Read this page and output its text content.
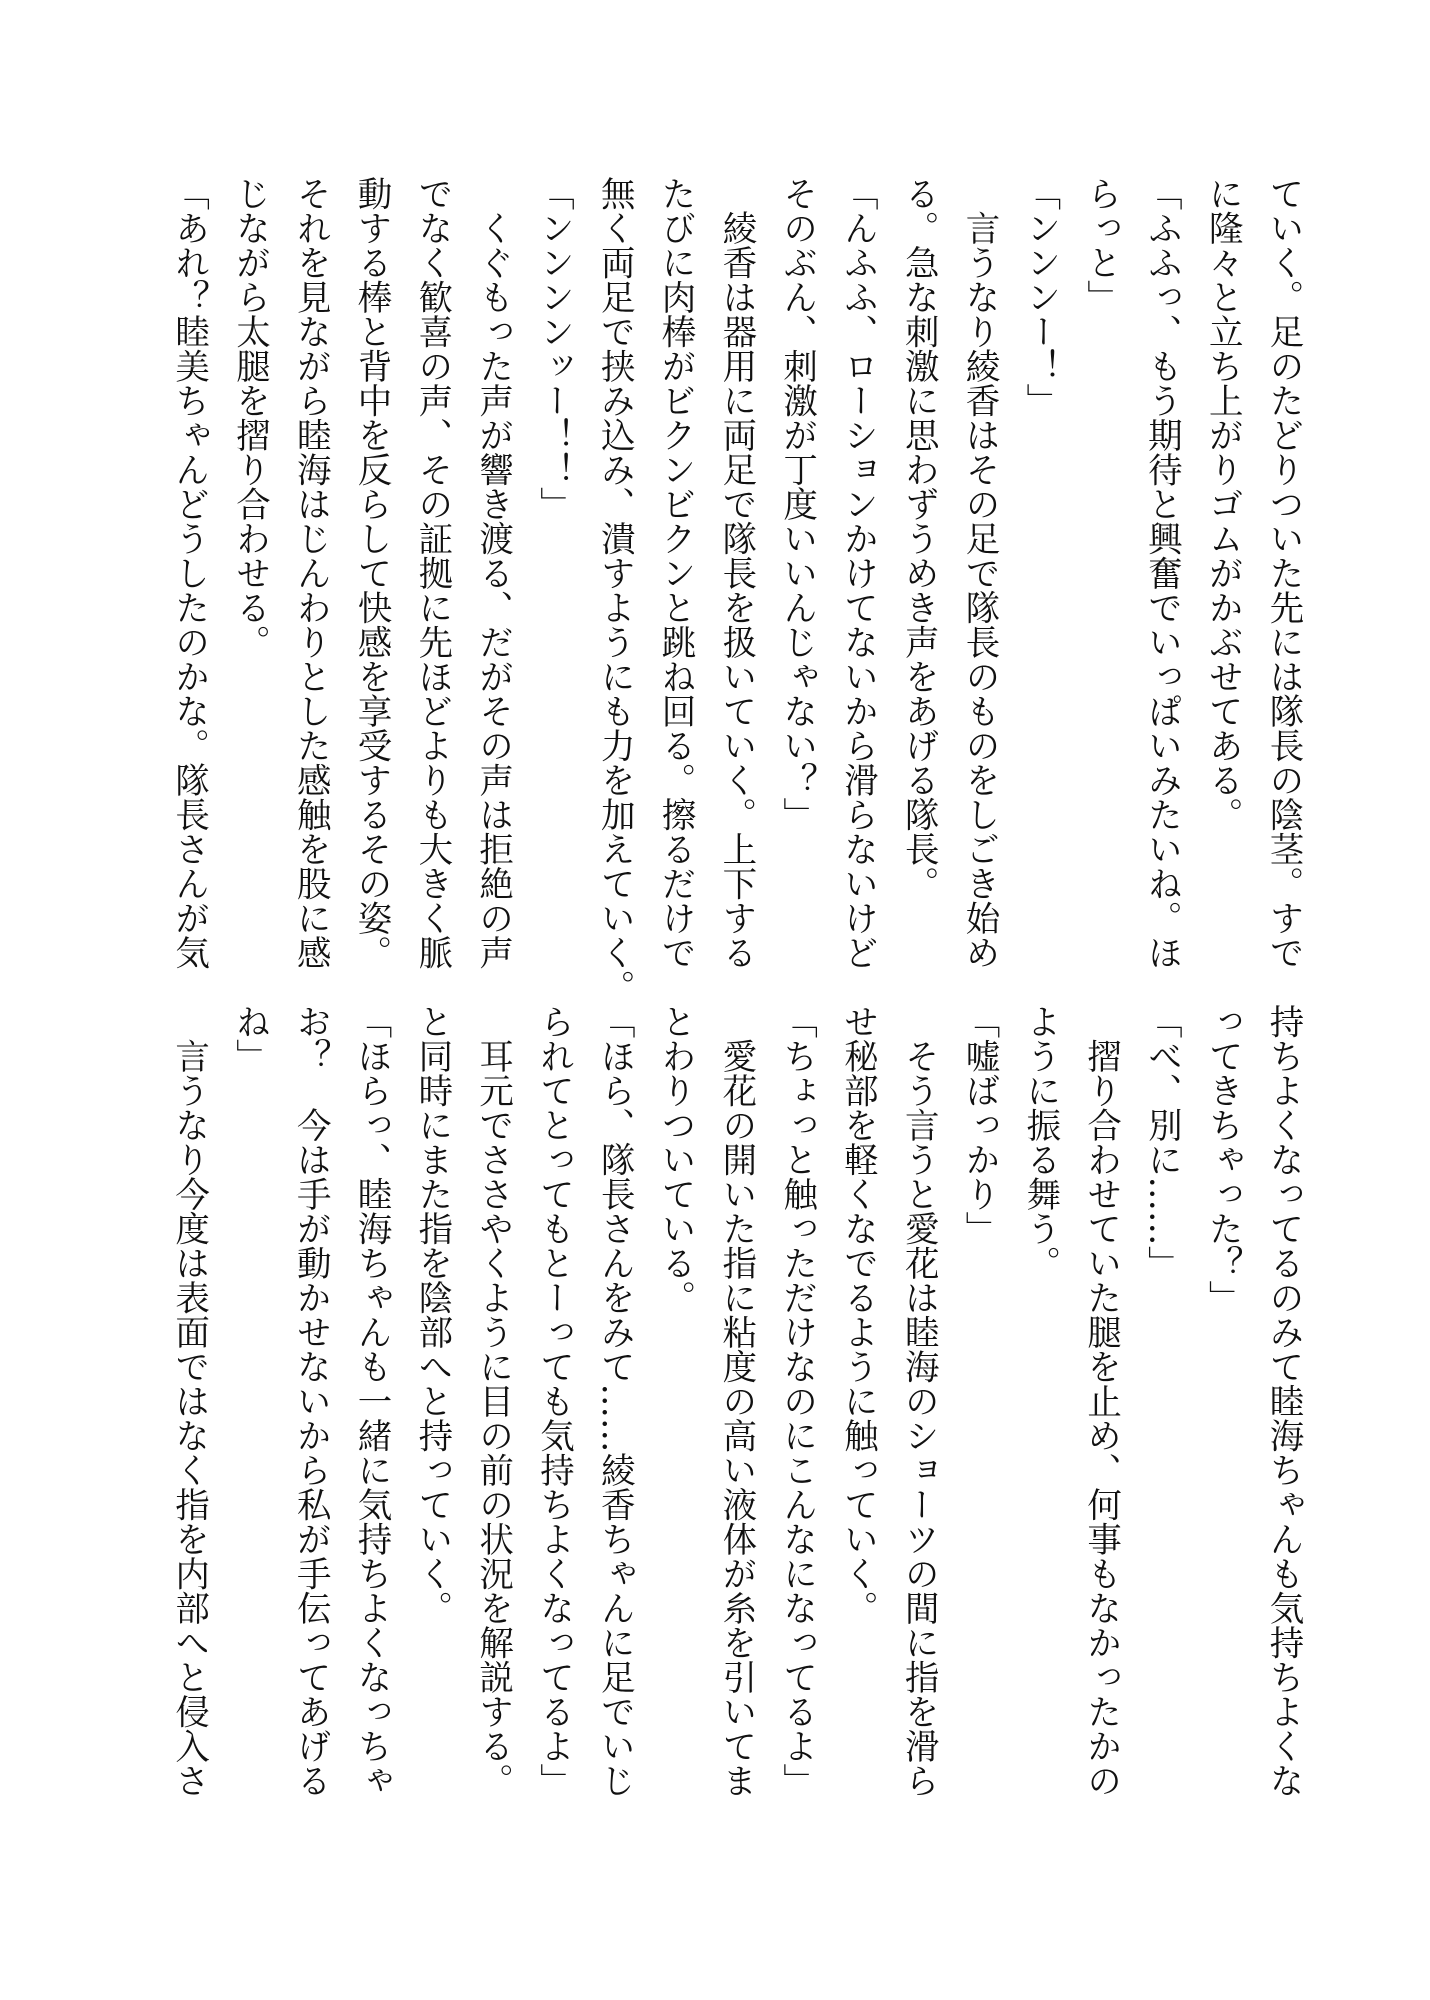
ていく。足のたどりついた先には隊長の陰茎。すで
に隆々と立ち上がりゴムがかぶせてある。
「ふふっ、もう期待と興奮でいっぱいみたいね。ほ
らっと」
「ンンンー！」
　言うなり綾香はその足で隊長のものをしごき始め
る。急な刺激に思わずうめき声をあげる隊長。
「んふふ、ローションかけてないから滑らないけど
そのぶん、刺激が丁度いいんじゃない？」
　綾香は器用に両足で隊長を扱いていく。上下する
たびに肉棒がビクンビクンと跳ね回る。擦るだけで
無く両足で挟み込み、潰すようにも力を加えていく。
「ンンンンッー！！」
　くぐもった声が響き渡る、だがその声は拒絶の声
でなく歓喜の声、その証拠に先ほどよりも大きく脈
動する棒と背中を反らして快感を享受するその姿。
それを見ながら睦海はじんわりとした感触を股に感
じながら太腿を摺り合わせる。
「あれ？睦美ちゃんどうしたのかな。隊長さんが気
持ちよくなってるのみて睦海ちゃんも気持ちよくな
ってきちゃった？」
「べ、別に……」
　摺り合わせていた腿を止め、何事もなかったかの
ように振る舞う。
「嘘ばっかり」
　そう言うと愛花は睦海のショーツの間に指を滑ら
せ秘部を軽くなでるように触っていく。
「ちょっと触っただけなのにこんなになってるよ」
　愛花の開いた指に粘度の高い液体が糸を引いてま
とわりついている。
「ほら、隊長さんをみて……綾香ちゃんに足でいじ
られてとってもとーっても気持ちよくなってるよ」
　耳元でささやくように目の前の状況を解説する。
と同時にまた指を陰部へと持っていく。
「ほらっ、睦海ちゃんも一緒に気持ちよくなっちゃ
お？　今は手が動かせないから私が手伝ってあげる
ね」
　言うなり今度は表面ではなく指を内部へと侵入さ
